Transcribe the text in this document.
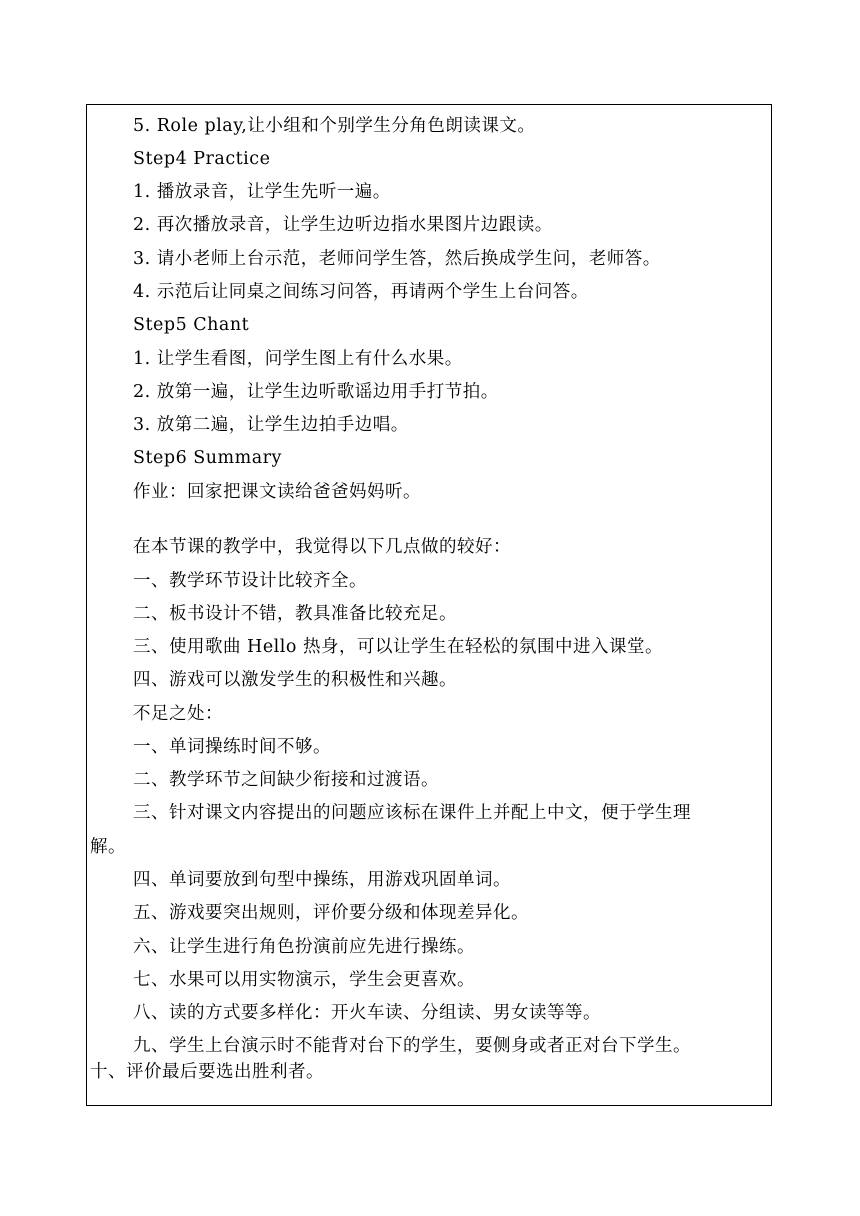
5. Role play,让小组和个别学生分角色朗读课文。
Step4 Practice
1. 播放录音，让学生先听一遍。
2. 再次播放录音，让学生边听边指水果图片边跟读。
3. 请小老师上台示范，老师问学生答，然后换成学生问，老师答。
4. 示范后让同桌之间练习问答，再请两个学生上台问答。
Step5 Chant
1. 让学生看图，问学生图上有什么水果。
2. 放第一遍，让学生边听歌谣边用手打节拍。
3. 放第二遍，让学生边拍手边唱。
Step6 Summary
作业：回家把课文读给爸爸妈妈听。
在本节课的教学中，我觉得以下几点做的较好：
一、教学环节设计比较齐全。
二、板书设计不错，教具准备比较充足。
三、使用歌曲 Hello 热身，可以让学生在轻松的氛围中进入课堂。
四、游戏可以激发学生的积极性和兴趣。
不足之处：
一、单词操练时间不够。
二、教学环节之间缺少衔接和过渡语。
三、针对课文内容提出的问题应该标在课件上并配上中文，便于学生理
解。
四、单词要放到句型中操练，用游戏巩固单词。
五、游戏要突出规则，评价要分级和体现差异化。
六、让学生进行角色扮演前应先进行操练。
七、水果可以用实物演示，学生会更喜欢。
八、读的方式要多样化：开火车读、分组读、男女读等等。
九、学生上台演示时不能背对台下的学生，要侧身或者正对台下学生。
十、评价最后要选出胜利者。
